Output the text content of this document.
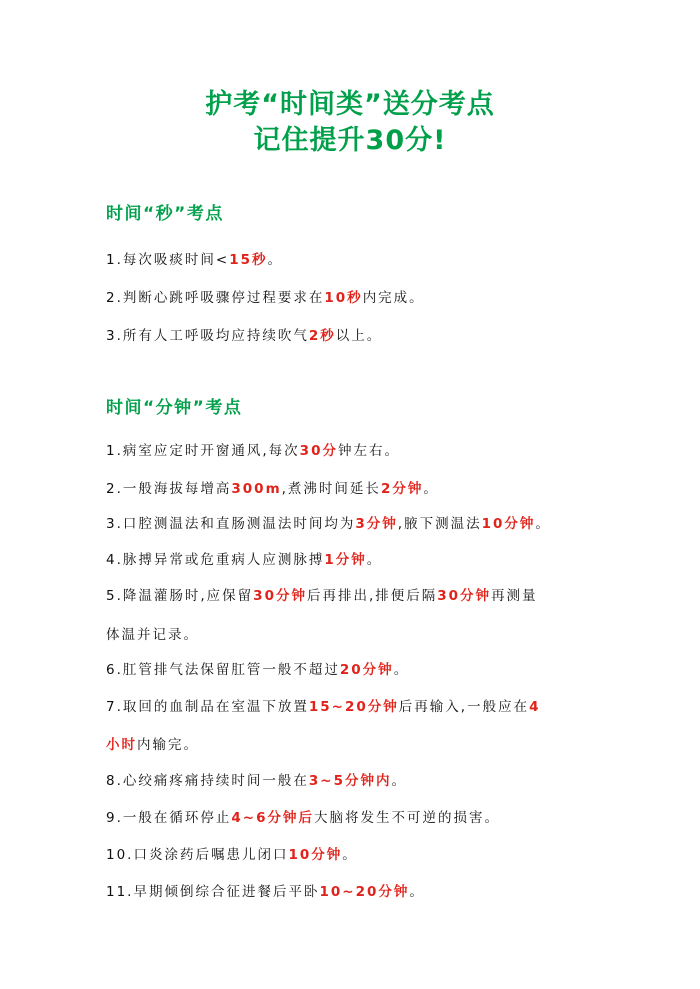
护考“时间类”送分考点
记住提升30分!
时间“秒”考点
1.每次吸痰时间<15秒。
2.判断心跳呼吸骤停过程要求在10秒内完成。
3.所有人工呼吸均应持续吹气2秒以上。
时间“分钟”考点
1.病室应定时开窗通风,每次30分钟左右。
2.一般海拔每增高300m,煮沸时间延长2分钟。
3.口腔测温法和直肠测温法时间均为3分钟,腋下测温法10分钟。
4.脉搏异常或危重病人应测脉搏1分钟。
5.降温灌肠时,应保留30分钟后再排出,排便后隔30分钟再测量
体温并记录。
6.肛管排气法保留肛管一般不超过20分钟。
7.取回的血制品在室温下放置15~20分钟后再输入,一般应在4
小时内输完。
8.心绞痛疼痛持续时间一般在3~5分钟内。
9.一般在循环停止4~6分钟后大脑将发生不可逆的损害。
10.口炎涂药后嘱患儿闭口10分钟。
11.早期倾倒综合征进餐后平卧10~20分钟。
